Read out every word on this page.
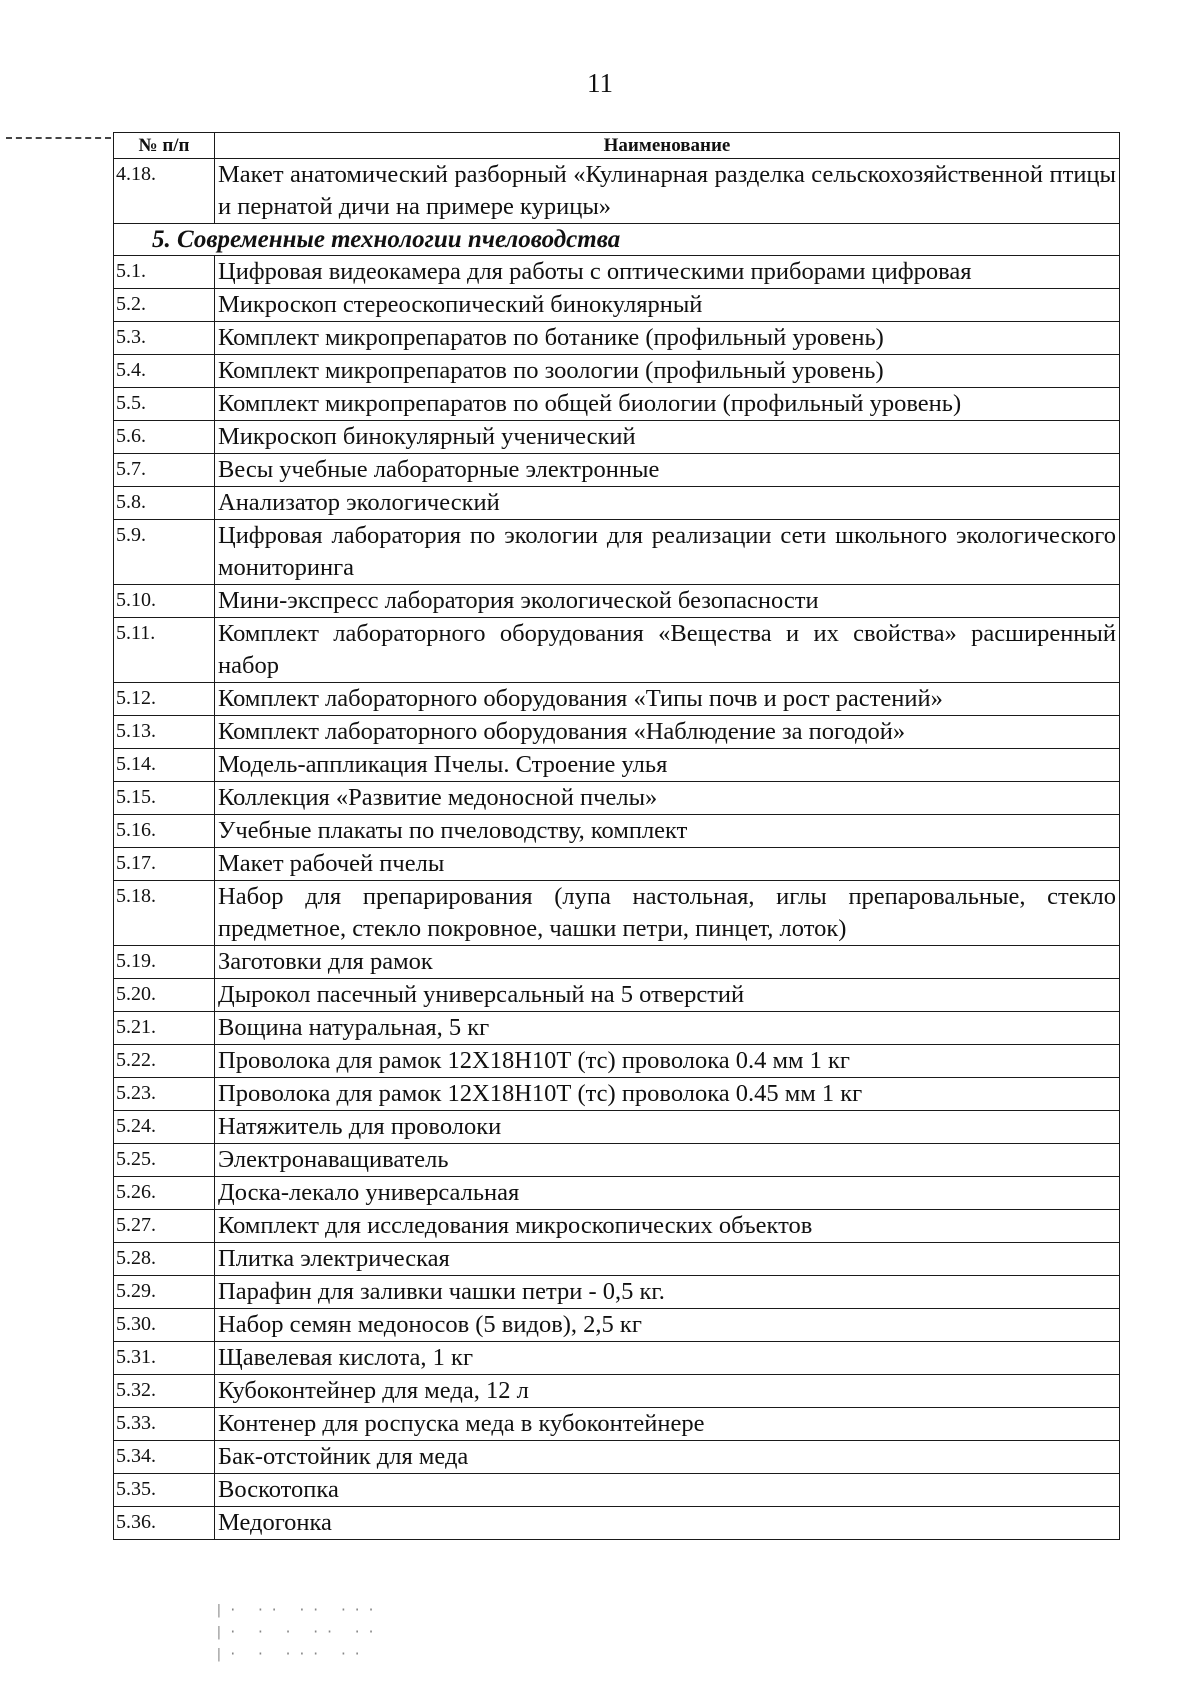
11
№ п/п	Наименование
4.18.	Макет анатомический разборный «Кулинарная разделка сельскохозяйственной птицы и пернатой дичи на примере курицы»
5. Современные технологии пчеловодства	
5.1.	Цифровая видеокамера для работы с оптическими приборами цифровая
5.2.	Микроскоп стереоскопический бинокулярный
5.3.	Комплект микропрепаратов по ботанике (профильный уровень)
5.4.	Комплект микропрепаратов по зоологии (профильный уровень)
5.5.	Комплект микропрепаратов по общей биологии (профильный уровень)
5.6.	Микроскоп бинокулярный ученический
5.7.	Весы учебные лабораторные электронные
5.8.	Анализатор экологический
5.9.	Цифровая лаборатория по экологии для реализации сети школьного экологического мониторинга
5.10.	Мини-экспресс лаборатория экологической безопасности
5.11.	Комплект лабораторного оборудования «Вещества и их свойства» расширенный набор
5.12.	Комплект лабораторного оборудования «Типы почв и рост растений»
5.13.	Комплект лабораторного оборудования «Наблюдение за погодой»
5.14.	Модель-аппликация Пчелы. Строение улья
5.15.	Коллекция «Развитие медоносной пчелы»
5.16.	Учебные плакаты по пчеловодству, комплект
5.17.	Макет рабочей пчелы
5.18.	Набор для препарирования (лупа настольная, иглы препаровальные, стекло предметное, стекло покровное, чашки петри, пинцет, лоток)
5.19.	Заготовки для рамок
5.20.	Дырокол пасечный универсальный на 5 отверстий
5.21.	Вощина натуральная, 5 кг
5.22.	Проволока для рамок 12Х18Н10Т (тс) проволока 0.4 мм 1 кг
5.23.	Проволока для рамок 12Х18Н10Т (тс) проволока 0.45 мм 1 кг
5.24.	Натяжитель для проволоки
5.25.	Электронаващиватель
5.26.	Доска-лекало универсальная
5.27.	Комплект для исследования микроскопических объектов
5.28.	Плитка электрическая
5.29.	Парафин для заливки чашки петри - 0,5 кг.
5.30.	Набор семян медоносов (5 видов), 2,5 кг
5.31.	Щавелевая кислота, 1 кг
5.32.	Кубоконтейнер для меда, 12 л
5.33.	Контенер для роспуска меда в кубоконтейнере
5.34.	Бак-отстойник для меда
5.35.	Воскотопка
5.36.	Медогонка
|· ·· ·· ···
|· · · ·· ··
|· · ··· ··
